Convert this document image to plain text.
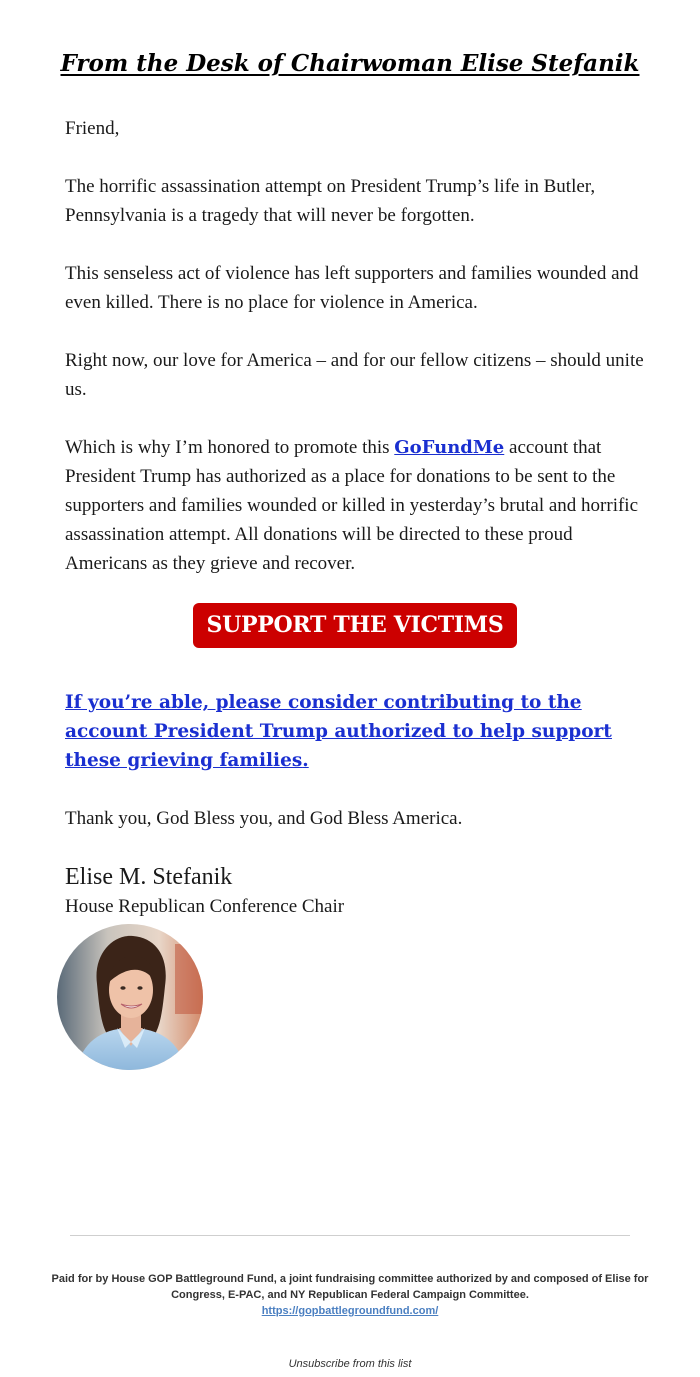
From the Desk of Chairwoman Elise Stefanik

Friend,

The horrific assassination attempt on President Trump’s life in Butler, Pennsylvania is a tragedy that will never be forgotten.

This senseless act of violence has left supporters and families wounded and even killed. There is no place for violence in America.

Right now, our love for America – and for our fellow citizens – should unite us.

Which is why I’m honored to promote this GoFundMe account that President Trump has authorized as a place for donations to be sent to the supporters and families wounded or killed in yesterday’s brutal and horrific assassination attempt. All donations will be directed to these proud Americans as they grieve and recover.

SUPPORT THE VICTIMS
If you’re able, please consider contributing to the account President Trump authorized to help support these grieving families.

Thank you, God Bless you, and God Bless America.

Elise M. Stefanik
House Republican Conference Chair
Paid for by House GOP Battleground Fund, a joint fundraising committee authorized by and composed of Elise for Congress, E-PAC, and NY Republican Federal Campaign Committee.
https://gopbattlegroundfund.com/
Unsubscribe from this list
